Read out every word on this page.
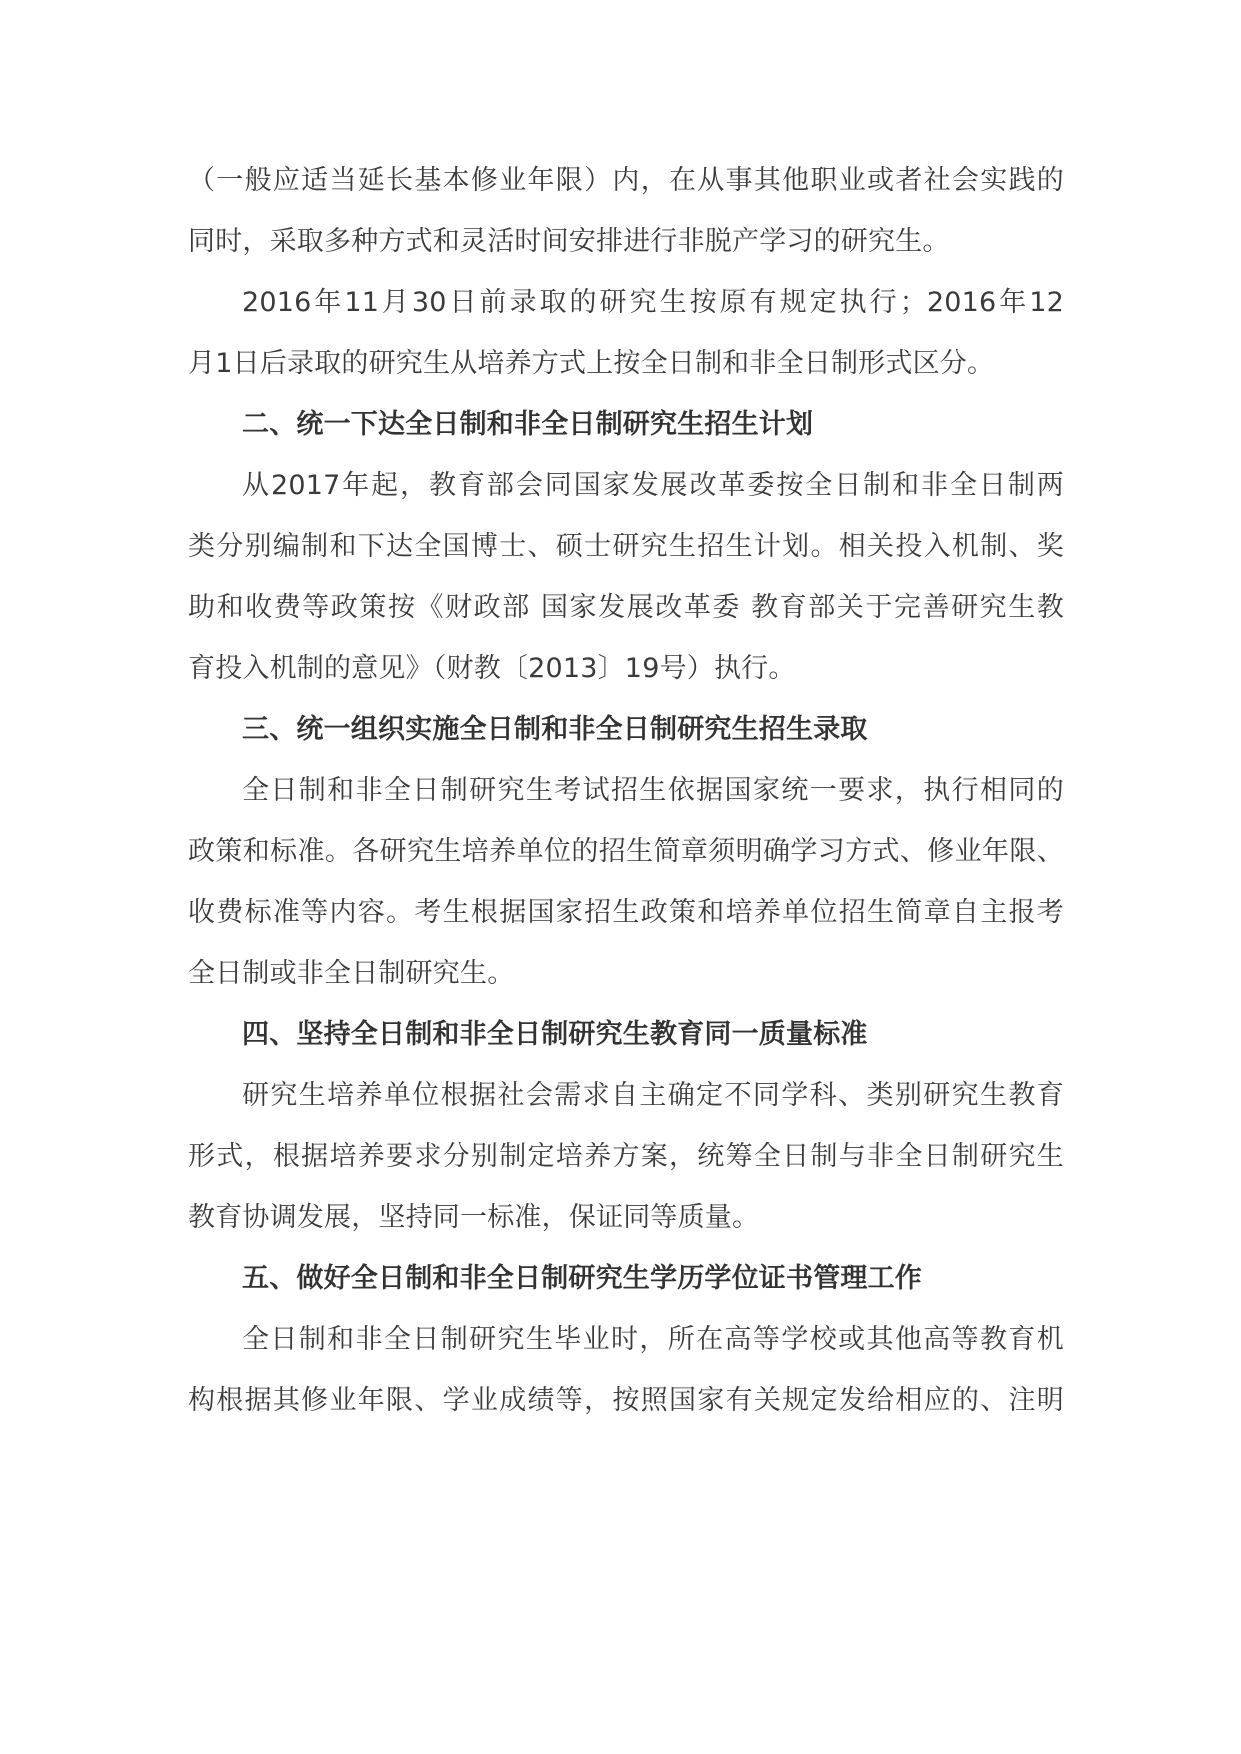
（一般应适当延长基本修业年限）内，在从事其他职业或者社会实践的
同时，采取多种方式和灵活时间安排进行非脱产学习的研究生。
2016年11月30日前录取的研究生按原有规定执行；2016年12
月1日后录取的研究生从培养方式上按全日制和非全日制形式区分。
二、统一下达全日制和非全日制研究生招生计划
从2017年起，教育部会同国家发展改革委按全日制和非全日制两
类分别编制和下达全国博士、硕士研究生招生计划。相关投入机制、奖
助和收费等政策按《财政部 国家发展改革委 教育部关于完善研究生教
育投入机制的意见》（财教〔2013〕19号）执行。
三、统一组织实施全日制和非全日制研究生招生录取
全日制和非全日制研究生考试招生依据国家统一要求，执行相同的
政策和标准。各研究生培养单位的招生简章须明确学习方式、修业年限、
收费标准等内容。考生根据国家招生政策和培养单位招生简章自主报考
全日制或非全日制研究生。
四、坚持全日制和非全日制研究生教育同一质量标准
研究生培养单位根据社会需求自主确定不同学科、类别研究生教育
形式，根据培养要求分别制定培养方案，统筹全日制与非全日制研究生
教育协调发展，坚持同一标准，保证同等质量。
五、做好全日制和非全日制研究生学历学位证书管理工作
全日制和非全日制研究生毕业时，所在高等学校或其他高等教育机
构根据其修业年限、学业成绩等，按照国家有关规定发给相应的、注明
